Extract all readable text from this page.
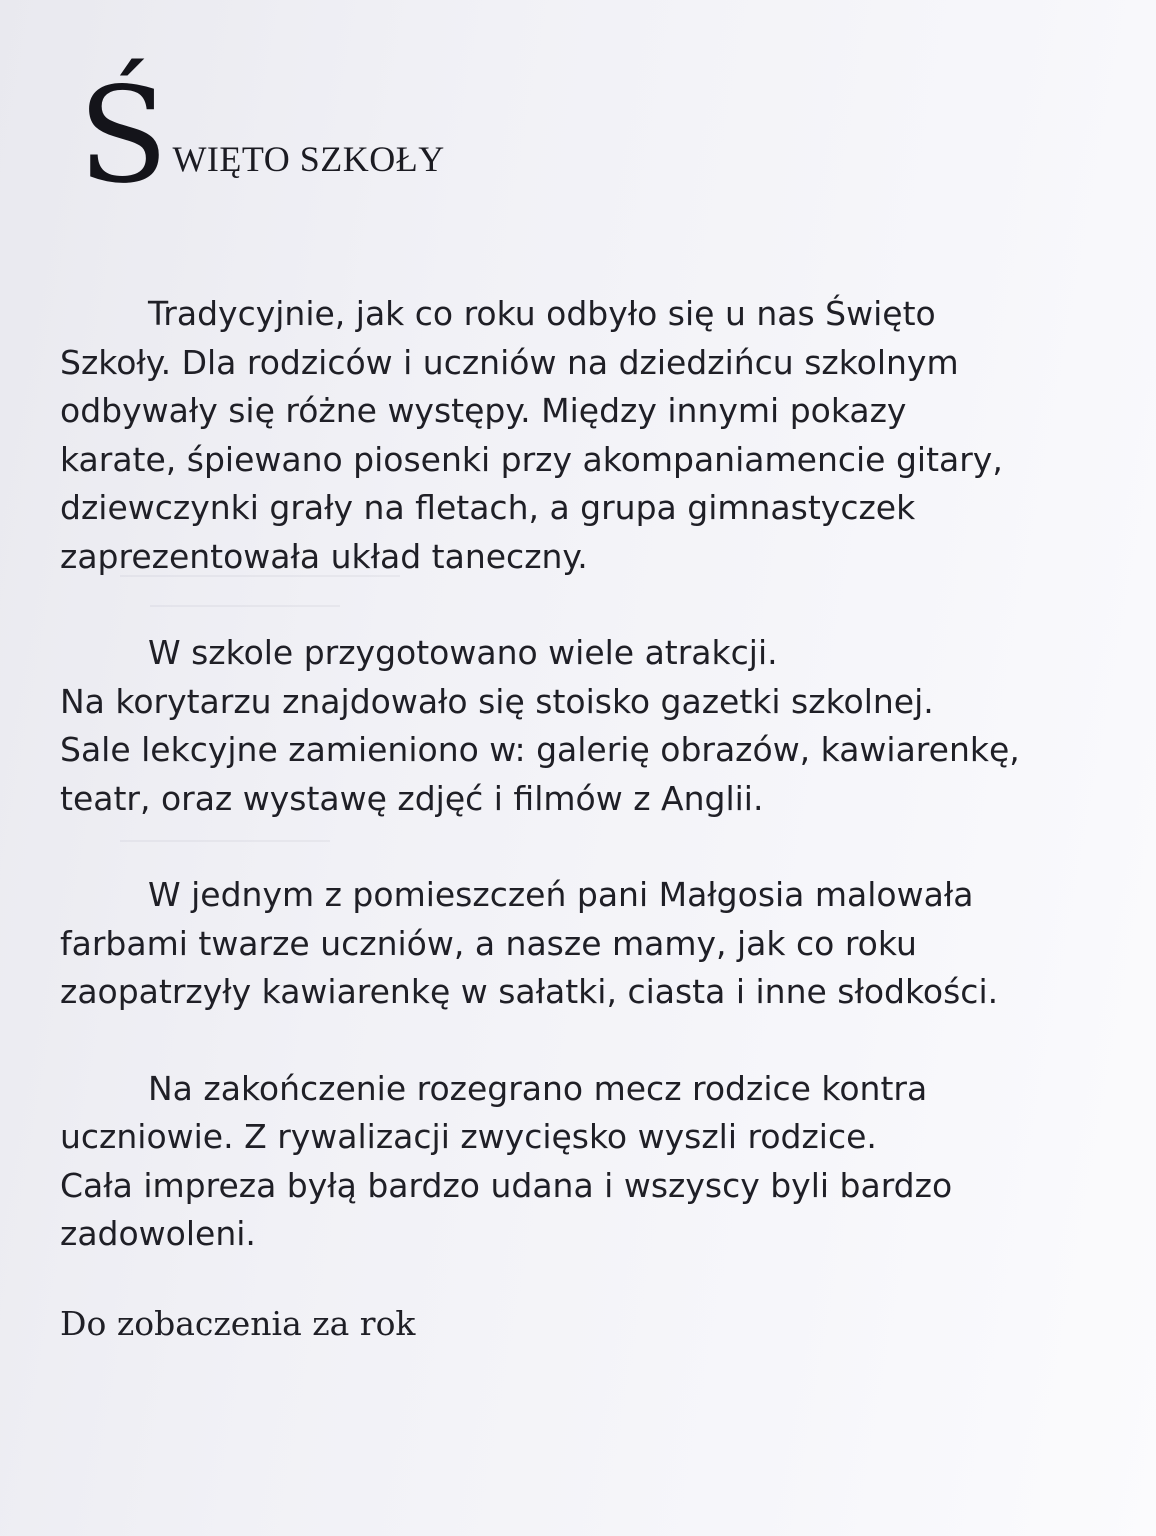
Ś WIĘTO SZKOŁY
Tradycyjnie, jak co roku odbyło się u nas Święto
Szkoły. Dla rodziców i uczniów na dziedzińcu szkolnym
odbywały się różne występy. Między innymi pokazy
karate, śpiewano piosenki przy akompaniamencie gitary,
dziewczynki grały na fletach, a grupa gimnastyczek
zaprezentowała układ taneczny.
W szkole przygotowano wiele atrakcji.
Na korytarzu znajdowało się stoisko gazetki szkolnej.
Sale lekcyjne zamieniono w: galerię obrazów, kawiarenkę,
teatr, oraz wystawę zdjęć i filmów z Anglii.
W jednym z pomieszczeń pani Małgosia malowała
farbami twarze uczniów, a nasze mamy, jak co roku
zaopatrzyły kawiarenkę w sałatki, ciasta i inne słodkości.
Na zakończenie rozegrano mecz rodzice kontra
uczniowie. Z rywalizacji zwycięsko wyszli rodzice.
Cała impreza byłą bardzo udana i wszyscy byli bardzo
zadowoleni.
Do zobaczenia za rok
